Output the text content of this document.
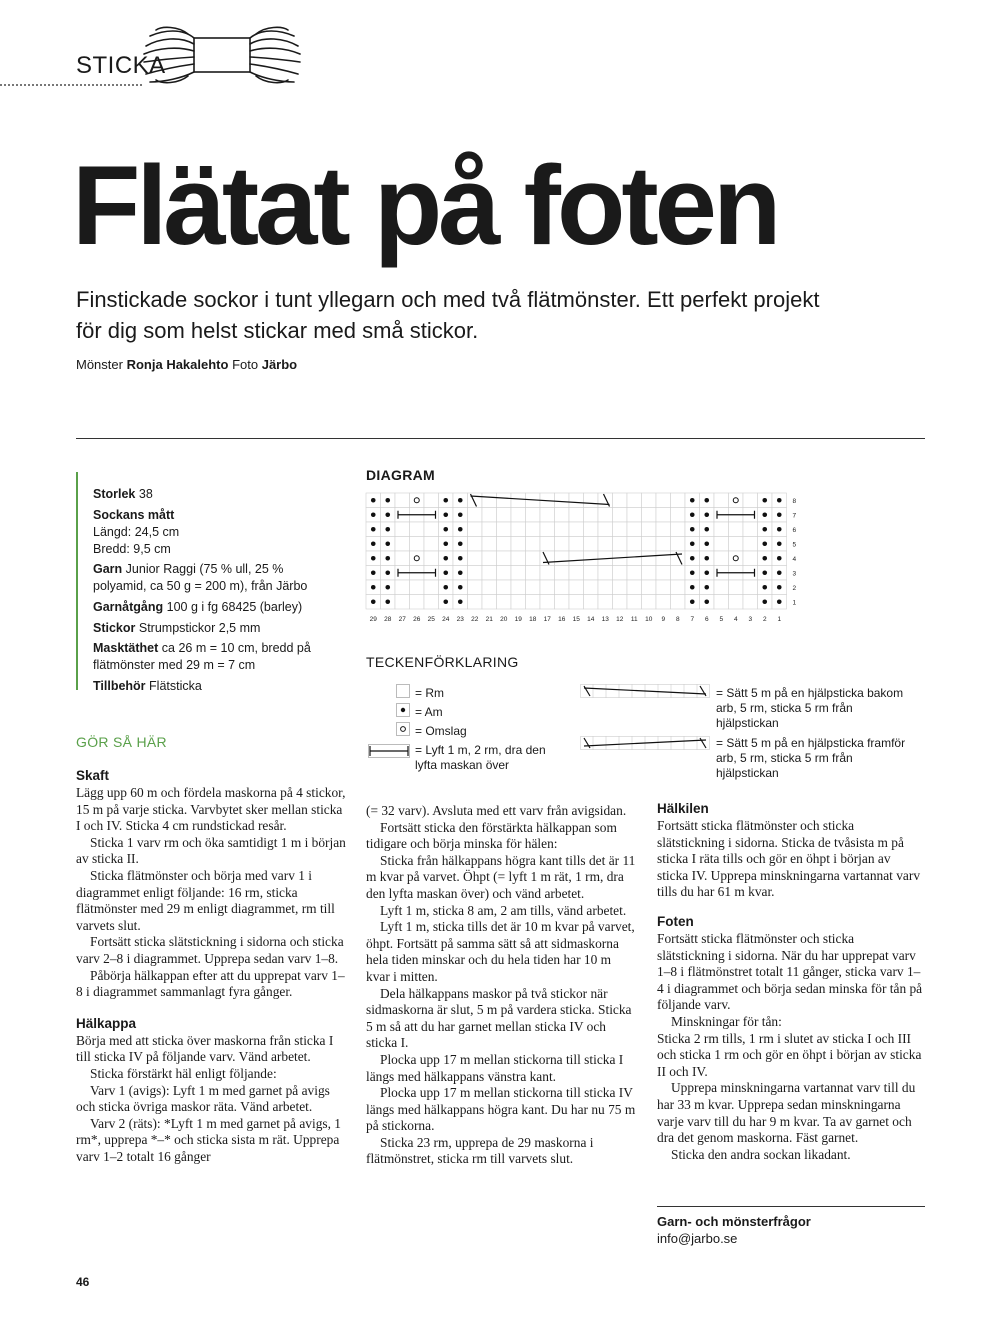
STICKA
Flätat på foten

Finstickade sockor i tunt yllegarn och med två flätmönster. Ett perfekt projekt för dig som helst stickar med små stickor.

Mönster Ronja Hakalehto Foto Järbo
Storlek 38
Sockans mått
Längd: 24,5 cm
Bredd: 9,5 cm
Garn Junior Raggi (75 % ull, 25 % polyamid, ca 50 g = 200 m), från Järbo
Garnåtgång 100 g i fg 68425 (barley)
Stickor Strumpstickor 2,5 mm
Masktäthet ca 26 m = 10 cm, bredd på flätmönster med 29 m = 7 cm
Tillbehör Flätsticka
DIAGRAM
29 28 27 26 25 24 23 22 21 20 19 18 17 16 15 14 13 12 11 10 9 8 7 6 5 4 3 2 1
8
7
6
5
4
3
2
1
TECKENFÖRKLARING
= Rm
= Am
= Omslag
= Lyft 1 m, 2 rm, dra den lyfta maskan över
= Sätt 5 m på en hjälpsticka bakom arb, 5 rm, sticka 5 rm från hjälpstickan
= Sätt 5 m på en hjälpsticka framför arb, 5 rm, sticka 5 rm från hjälpstickan
GÖR SÅ HÄR

Skaft

Lägg upp 60 m och fördela maskorna på 4 stickor, 15 m på varje sticka. Varvbytet sker mellan sticka I och IV. Sticka 4 cm rundstickad resår.

Sticka 1 varv rm och öka samtidigt 1 m i början av sticka II.

Sticka flätmönster och börja med varv 1 i diagrammet enligt följande: 16 rm, sticka flätmönster med 29 m enligt diagrammet, rm till varvets slut.

Fortsätt sticka slätstickning i sidorna och sticka varv 2–8 i diagrammet. Upprepa sedan varv 1–8.

Påbörja hälkappan efter att du upprepat varv 1–8 i diagrammet sammanlagt fyra gånger.

Hälkappa

Börja med att sticka över maskorna från sticka I till sticka IV på följande varv. Vänd arbetet.

Sticka förstärkt häl enligt följande:

Varv 1 (avigs): Lyft 1 m med garnet på avigs och sticka övriga maskor räta. Vänd arbetet.

Varv 2 (räts): *Lyft 1 m med garnet på avigs, 1 rm*, upprepa *–* och sticka sista m rät. Upprepa varv 1–2 totalt 16 gånger

(= 32 varv). Avsluta med ett varv från avigsidan.

Fortsätt sticka den förstärkta hälkappan som tidigare och börja minska för hälen:

Sticka från hälkappans högra kant tills det är 11 m kvar på varvet. Öhpt (= lyft 1 m rät, 1 rm, dra den lyfta maskan över) och vänd arbetet.

Lyft 1 m, sticka 8 am, 2 am tills, vänd arbetet.

Lyft 1 m, sticka tills det är 10 m kvar på varvet, öhpt. Fortsätt på samma sätt så att sidmaskorna hela tiden minskar och du hela tiden har 10 m kvar i mitten.

Dela hälkappans maskor på två stickor när sidmaskorna är slut, 5 m på vardera sticka. Sticka 5 m så att du har garnet mellan sticka IV och sticka I.

Plocka upp 17 m mellan stickorna till sticka I längs med hälkappans vänstra kant.

Plocka upp 17 m mellan stickorna till sticka IV längs med hälkappans högra kant. Du har nu 75 m på stickorna.

Sticka 23 rm, upprepa de 29 maskorna i flätmönstret, sticka rm till varvets slut.

Hälkilen

Fortsätt sticka flätmönster och sticka slätstickning i sidorna. Sticka de tvåsista m på sticka I räta tills och gör en öhpt i början av sticka IV. Upprepa minskningarna vartannat varv tills du har 61 m kvar.

Foten

Fortsätt sticka flätmönster och sticka slätstickning i sidorna. När du har upprepat varv 1–8 i flätmönstret totalt 11 gånger, sticka varv 1–4 i diagrammet och börja sedan minska för tån på följande varv.

Minskningar för tån:

Sticka 2 rm tills, 1 rm i slutet av sticka I och III och sticka 1 rm och gör en öhpt i början av sticka II och IV.

Upprepa minskningarna vartannat varv till du har 33 m kvar. Upprepa sedan minskningarna varje varv till du har 9 m kvar. Ta av garnet och dra det genom maskorna. Fäst garnet.

Sticka den andra sockan likadant.

Garn- och mönsterfrågor
info@jarbo.se
46
